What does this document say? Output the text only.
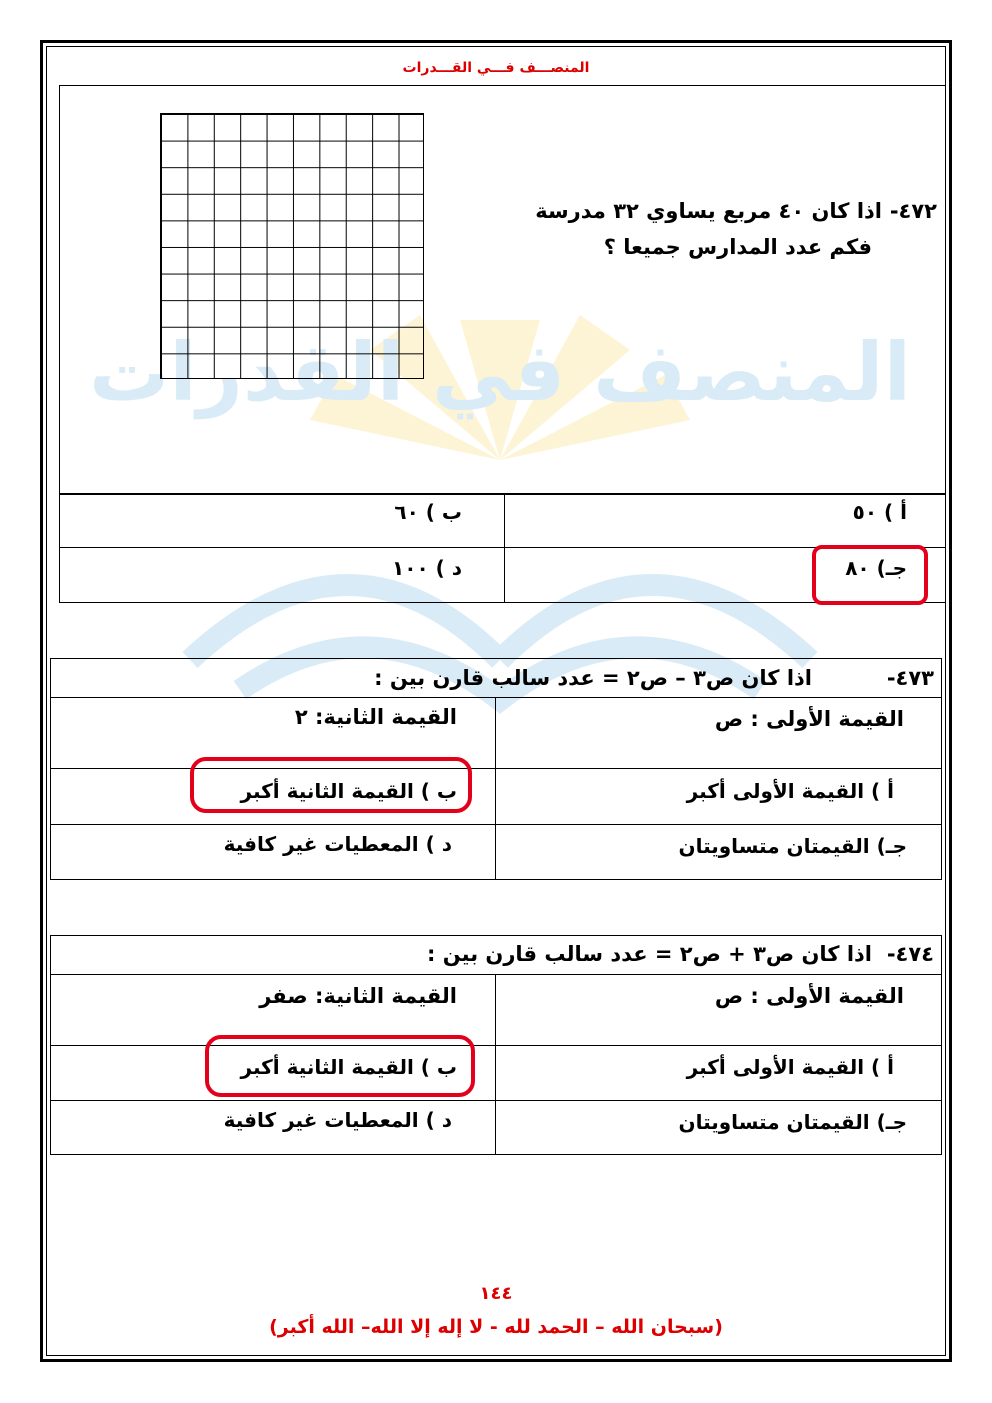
المنصـــف فـــي القـــدرات
المنصف في القدرات
٤٧٢-
اذا كان ٤٠ مربع يساوي ٣٢ مدرسة
فكم عدد المدارس جميعا ؟
أ ) ٥٠
ب ) ٦٠
جـ) ٨٠
د ) ١٠٠
٤٧٣-
اذا كان ص٣ – ص٢ = عدد سالب قارن بين :
القيمة الأولى : ص
القيمة الثانية: ٢
أ ) القيمة الأولى أكبر
ب ) القيمة الثانية أكبر
جـ) القيمتان متساويتان
د ) المعطيات غير كافية
٤٧٤-
اذا كان ص٣ + ص٢ = عدد سالب قارن بين :
القيمة الأولى : ص
القيمة الثانية: صفر
أ ) القيمة الأولى أكبر
ب ) القيمة الثانية أكبر
جـ) القيمتان متساويتان
د ) المعطيات غير كافية
١٤٤
(سبحان الله – الحمد لله - لا إله إلا الله– الله أكبر)
